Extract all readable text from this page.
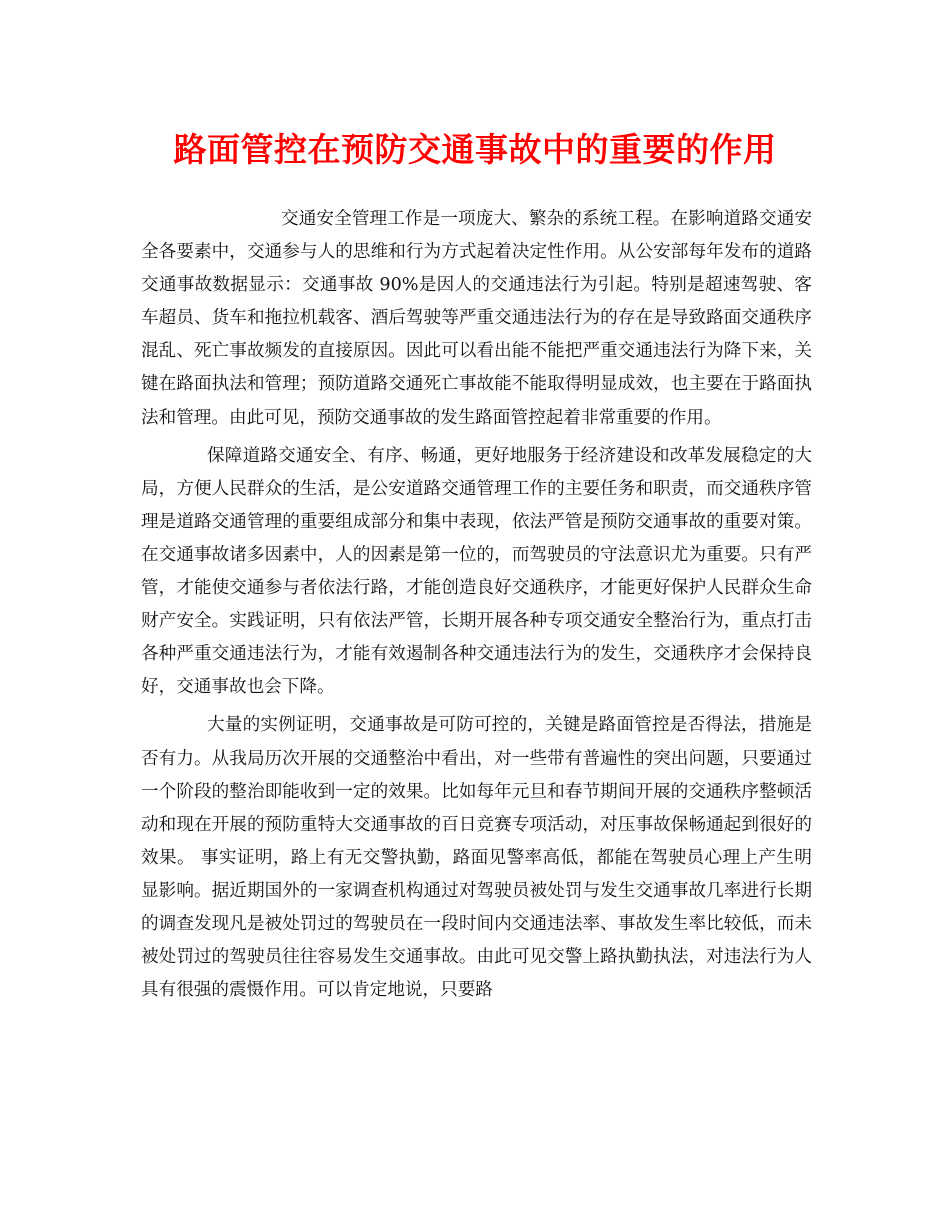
路面管控在预防交通事故中的重要的作用

交通安全管理工作是一项庞大、繁杂的系统工程。在影响道路交通安全各要素中，交通参与人的思维和行为方式起着决定性作用。从公安部每年发布的道路交通事故数据显示：交通事故 90%是因人的交通违法行为引起。特别是超速驾驶、客车超员、货车和拖拉机载客、酒后驾驶等严重交通违法行为的存在是导致路面交通秩序混乱、死亡事故频发的直接原因。因此可以看出能不能把严重交通违法行为降下来，关键在路面执法和管理；预防道路交通死亡事故能不能取得明显成效，也主要在于路面执法和管理。由此可见，预防交通事故的发生路面管控起着非常重要的作用。

保障道路交通安全、有序、畅通，更好地服务于经济建设和改革发展稳定的大局，方便人民群众的生活，是公安道路交通管理工作的主要任务和职责，而交通秩序管理是道路交通管理的重要组成部分和集中表现，依法严管是预防交通事故的重要对策。在交通事故诸多因素中，人的因素是第一位的，而驾驶员的守法意识尤为重要。只有严管，才能使交通参与者依法行路，才能创造良好交通秩序，才能更好保护人民群众生命财产安全。实践证明，只有依法严管，长期开展各种专项交通安全整治行为，重点打击各种严重交通违法行为，才能有效遏制各种交通违法行为的发生，交通秩序才会保持良好，交通事故也会下降。

大量的实例证明，交通事故是可防可控的，关键是路面管控是否得法，措施是否有力。从我局历次开展的交通整治中看出，对一些带有普遍性的突出问题，只要通过一个阶段的整治即能收到一定的效果。比如每年元旦和春节期间开展的交通秩序整顿活动和现在开展的预防重特大交通事故的百日竞赛专项活动，对压事故保畅通起到很好的效果。 事实证明，路上有无交警执勤，路面见警率高低，都能在驾驶员心理上产生明显影响。据近期国外的一家调查机构通过对驾驶员被处罚与发生交通事故几率进行长期的调查发现凡是被处罚过的驾驶员在一段时间内交通违法率、事故发生率比较低，而未被处罚过的驾驶员往往容易发生交通事故。由此可见交警上路执勤执法，对违法行为人具有很强的震慑作用。可以肯定地说，只要路
